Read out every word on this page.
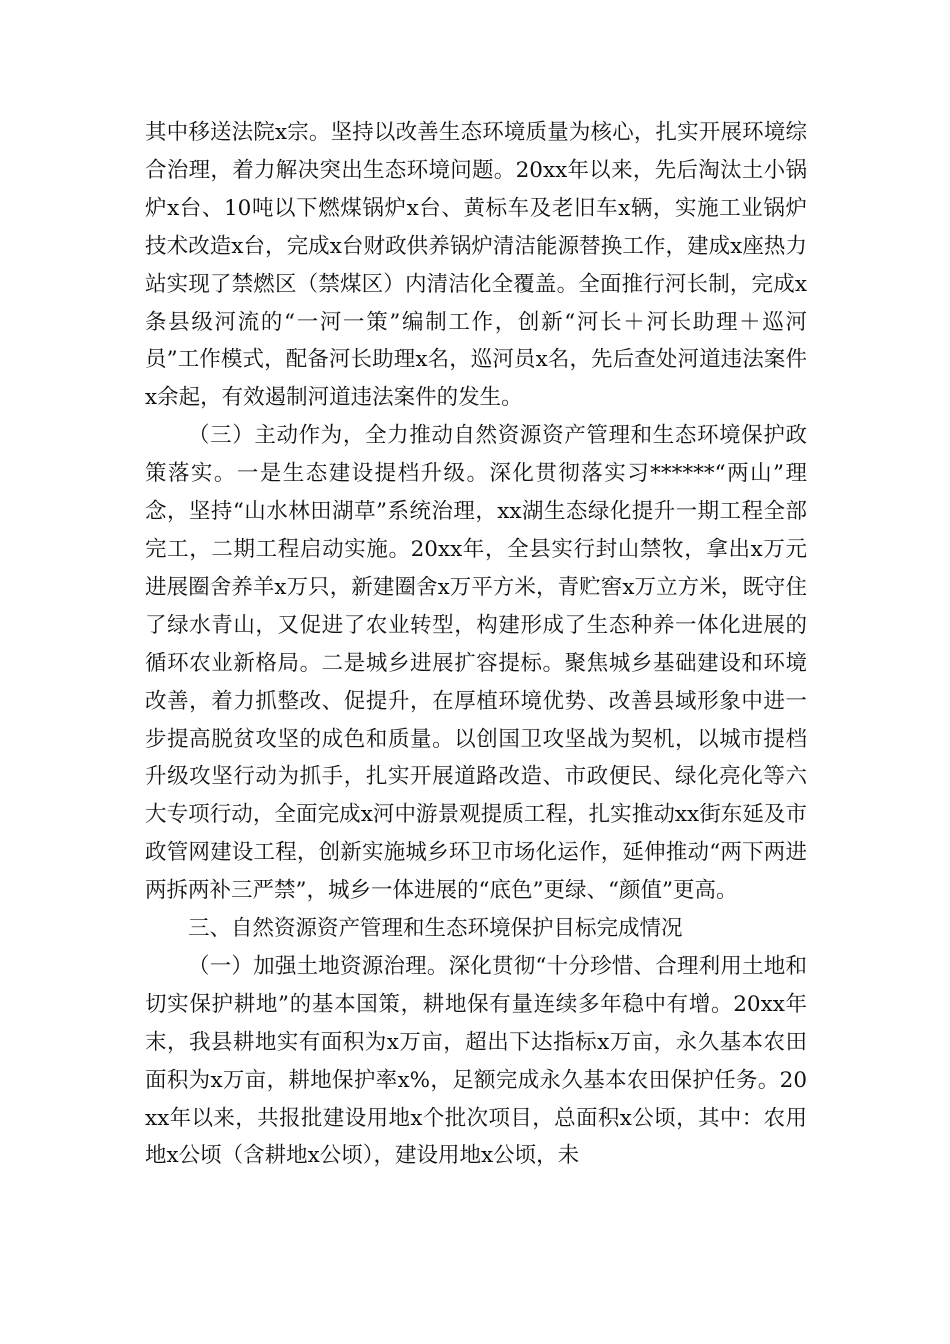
其中移送法院x宗。坚持以改善生态环境质量为核心，扎实开展环境综合治理，着力解决突出生态环境问题。20xx年以来，先后淘汰土小锅炉x台、10吨以下燃煤锅炉x台、黄标车及老旧车x辆，实施工业锅炉技术改造x台，完成x台财政供养锅炉清洁能源替换工作，建成x座热力站实现了禁燃区（禁煤区）内清洁化全覆盖。全面推行河长制，完成x条县级河流的“一河一策”编制工作，创新“河长＋河长助理＋巡河员”工作模式，配备河长助理x名，巡河员x名，先后查处河道违法案件x余起，有效遏制河道违法案件的发生。

（三）主动作为，全力推动自然资源资产管理和生态环境保护政策落实。一是生态建设提档升级。深化贯彻落实习******“两山”理念，坚持“山水林田湖草”系统治理，xx湖生态绿化提升一期工程全部完工，二期工程启动实施。20xx年，全县实行封山禁牧，拿出x万元进展圈舍养羊x万只，新建圈舍x万平方米，青贮窖x万立方米，既守住了绿水青山，又促进了农业转型，构建形成了生态种养一体化进展的循环农业新格局。二是城乡进展扩容提标。聚焦城乡基础建设和环境改善，着力抓整改、促提升，在厚植环境优势、改善县域形象中进一步提高脱贫攻坚的成色和质量。以创国卫攻坚战为契机，以城市提档升级攻坚行动为抓手，扎实开展道路改造、市政便民、绿化亮化等六大专项行动，全面完成x河中游景观提质工程，扎实推动xx街东延及市政管网建设工程，创新实施城乡环卫市场化运作，延伸推动“两下两进两拆两补三严禁”，城乡一体进展的“底色”更绿、“颜值”更高。

三、自然资源资产管理和生态环境保护目标完成情况

（一）加强土地资源治理。深化贯彻“十分珍惜、合理利用土地和切实保护耕地”的基本国策，耕地保有量连续多年稳中有增。20xx年末，我县耕地实有面积为x万亩，超出下达指标x万亩，永久基本农田面积为x万亩，耕地保护率x%，足额完成永久基本农田保护任务。20xx年以来，共报批建设用地x个批次项目，总面积x公顷，其中：农用地x公顷（含耕地x公顷），建设用地x公顷，未
